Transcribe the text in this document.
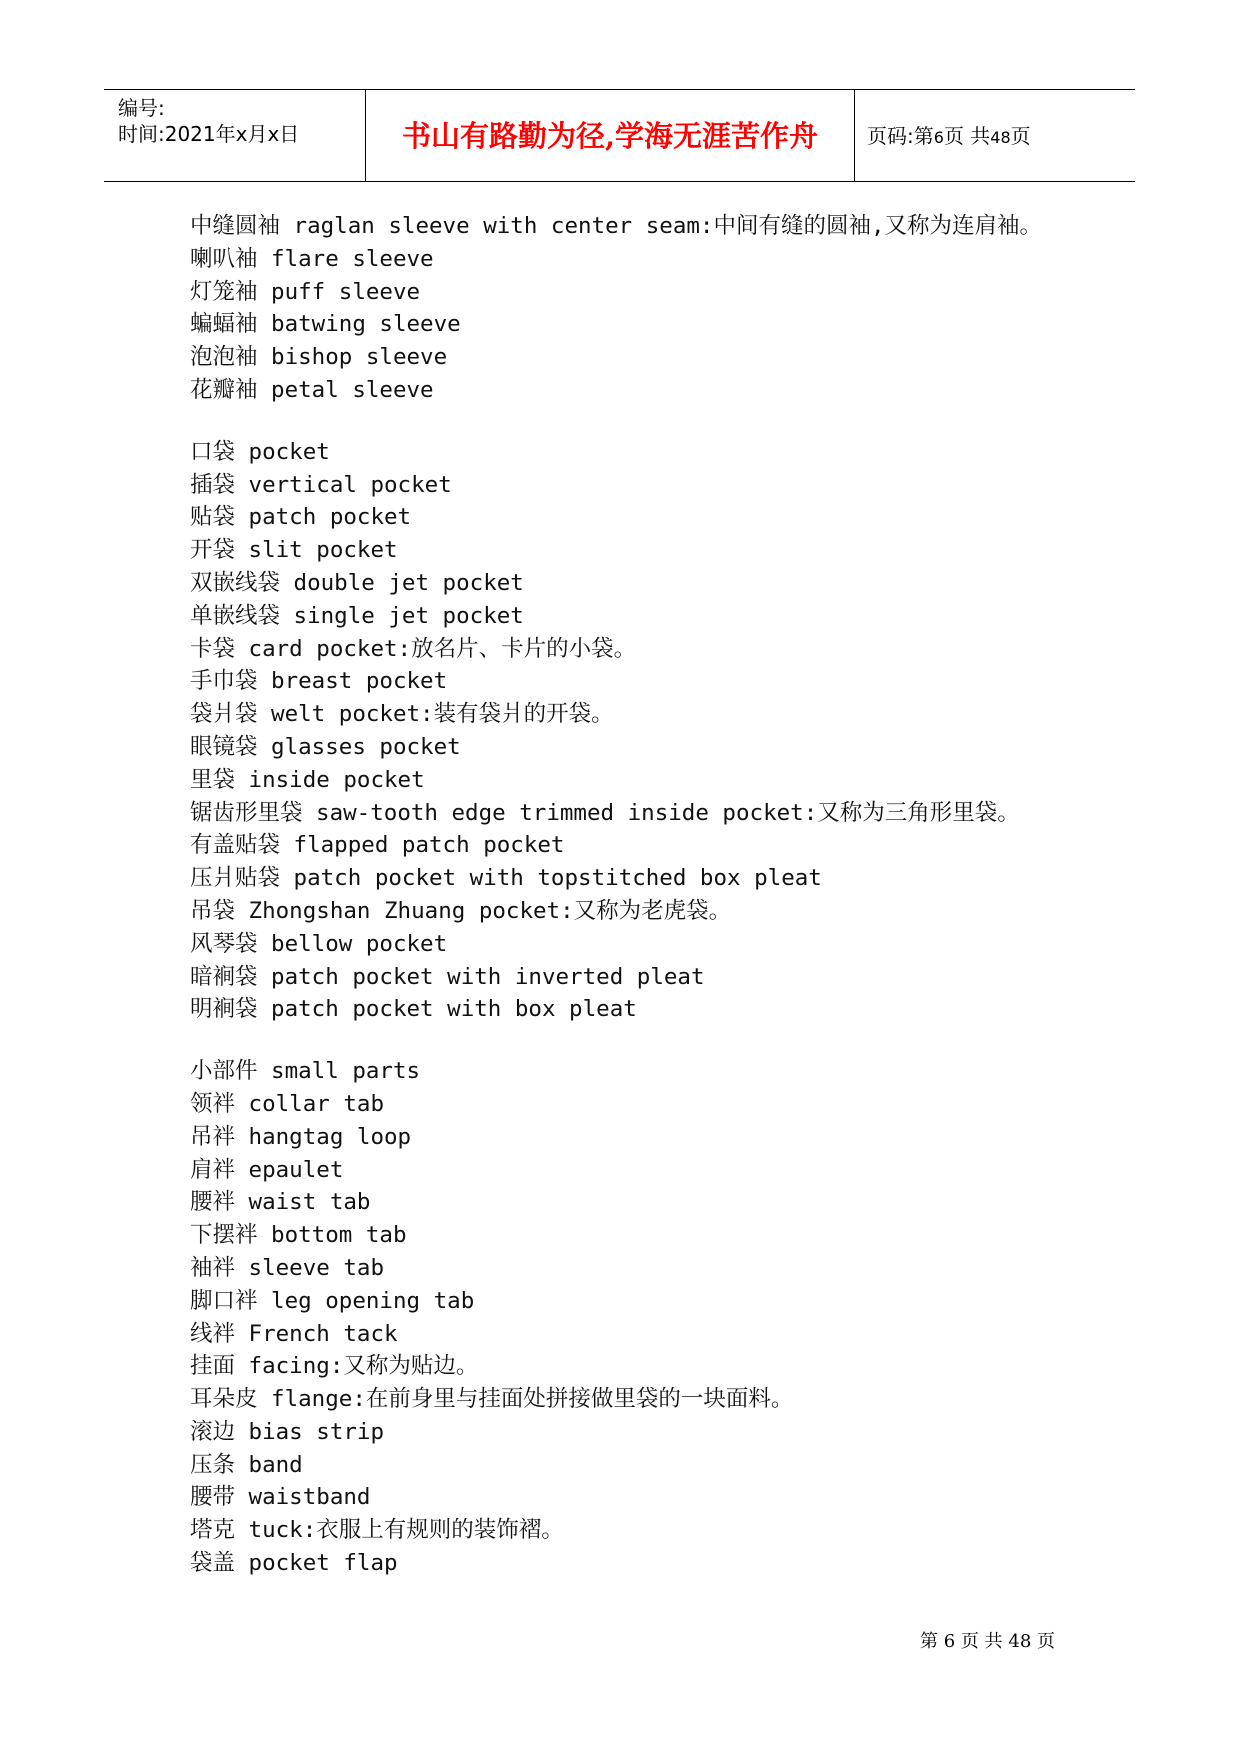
编号:
时间:2021年x月x日	书山有路勤为径,学海无涯苦作舟	页码:第6页 共48页
中缝圆袖 raglan sleeve with center seam:中间有缝的圆袖,又称为连肩袖。
喇叭袖 flare sleeve
灯笼袖 puff sleeve
蝙蝠袖 batwing sleeve
泡泡袖 bishop sleeve
花瓣袖 petal sleeve
口袋 pocket
插袋 vertical pocket
贴袋 patch pocket
开袋 slit pocket
双嵌线袋 double jet pocket
单嵌线袋 single jet pocket
卡袋 card pocket:放名片、卡片的小袋。
手巾袋 breast pocket
袋爿袋 welt pocket:装有袋爿的开袋。
眼镜袋 glasses pocket
里袋 inside pocket
锯齿形里袋 saw-tooth edge trimmed inside pocket:又称为三角形里袋。
有盖贴袋 flapped patch pocket
压爿贴袋 patch pocket with topstitched box pleat
吊袋 Zhongshan Zhuang pocket:又称为老虎袋。
风琴袋 bellow pocket
暗裥袋 patch pocket with inverted pleat
明裥袋 patch pocket with box pleat
小部件 small parts
领袢 collar tab
吊袢 hangtag loop
肩袢 epaulet
腰袢 waist tab
下摆袢 bottom tab
袖袢 sleeve tab
脚口袢 leg opening tab
线袢 French tack
挂面 facing:又称为贴边。
耳朵皮 flange:在前身里与挂面处拼接做里袋的一块面料。
滚边 bias strip
压条 band
腰带 waistband
塔克 tuck:衣服上有规则的装饰褶。
袋盖 pocket flap
第 6 页 共 48 页
